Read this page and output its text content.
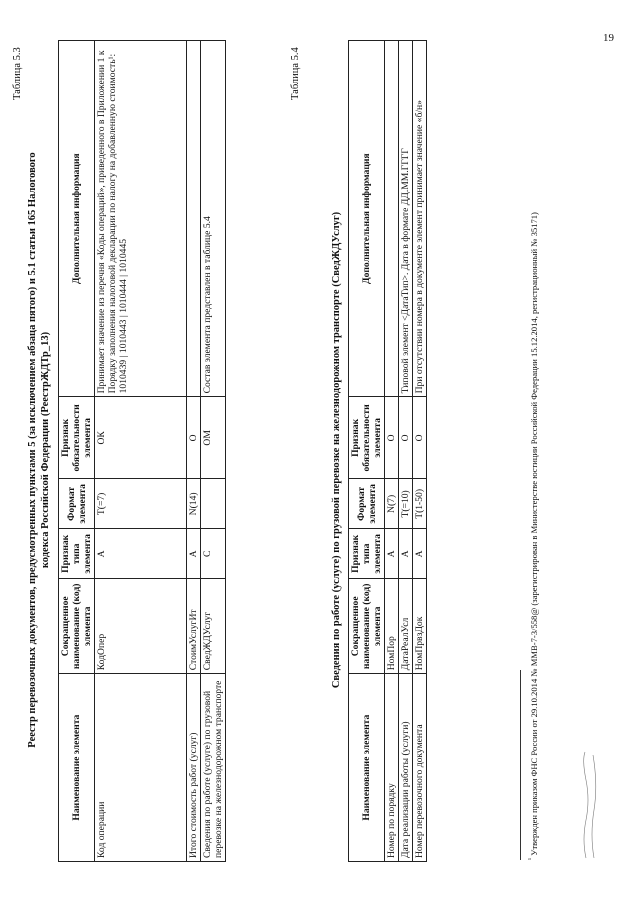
19
Таблица 5.3
Реестр перевозочных документов, предусмотренных пунктами 5 (за исключением абзаца пятого) и 5.1 статьи 165 Налогового кодекса Российской Федерации (РеестрЖДТр_13)
Наименование элемента	Сокращенное наименование (код) элемента	Признак типа элемента	Формат элемента	Признак обязательности элемента	Дополнительная информация
Код операции	КодОпер	А	Т(=7)	ОК	Принимает значение из перечня «Коды операций», приведенного в Приложении 1 к Порядку заполнения налоговой декларации по налогу на добавленную стоимость¹: 1010439 | 1010443 | 1010444 | 1010445
Итого стоимость работ (услуг)	СтоимУслугИт	А	N(14)	О	
Сведения по работе (услуге) по грузовой перевозке на железнодорожном транспорте	СведЖДУслуг	С		ОМ	Состав элемента представлен в таблице 5.4
Таблица 5.4
Сведения по работе (услуге) по грузовой перевозке на железнодорожном транспорте (СведЖДУслуг)
Наименование элемента	Сокращенное наименование (код) элемента	Признак типа элемента	Формат элемента	Признак обязательности элемента	Дополнительная информация
Номер по порядку	НомПор	А	N(7)	О	
Дата реализации работы (услуги)	ДатаРеалУсл	А	Т(=10)	О	Типовой элемент <ДатаТип>. Дата в формате ДД.ММ.ГГГГ
Номер перевозочного документа	НомПрвзДок	А	Т(1-50)	О	При отсутствии номера в документе элемент принимает значение «б/н»
$^{^1}$ Утвержден приказом ФНС России от 29.10.2014 № ММВ-7-3/558@ (зарегистрирован в Министерстве юстиции Российской Федерации 15.12.2014, регистрационный № 35171)
